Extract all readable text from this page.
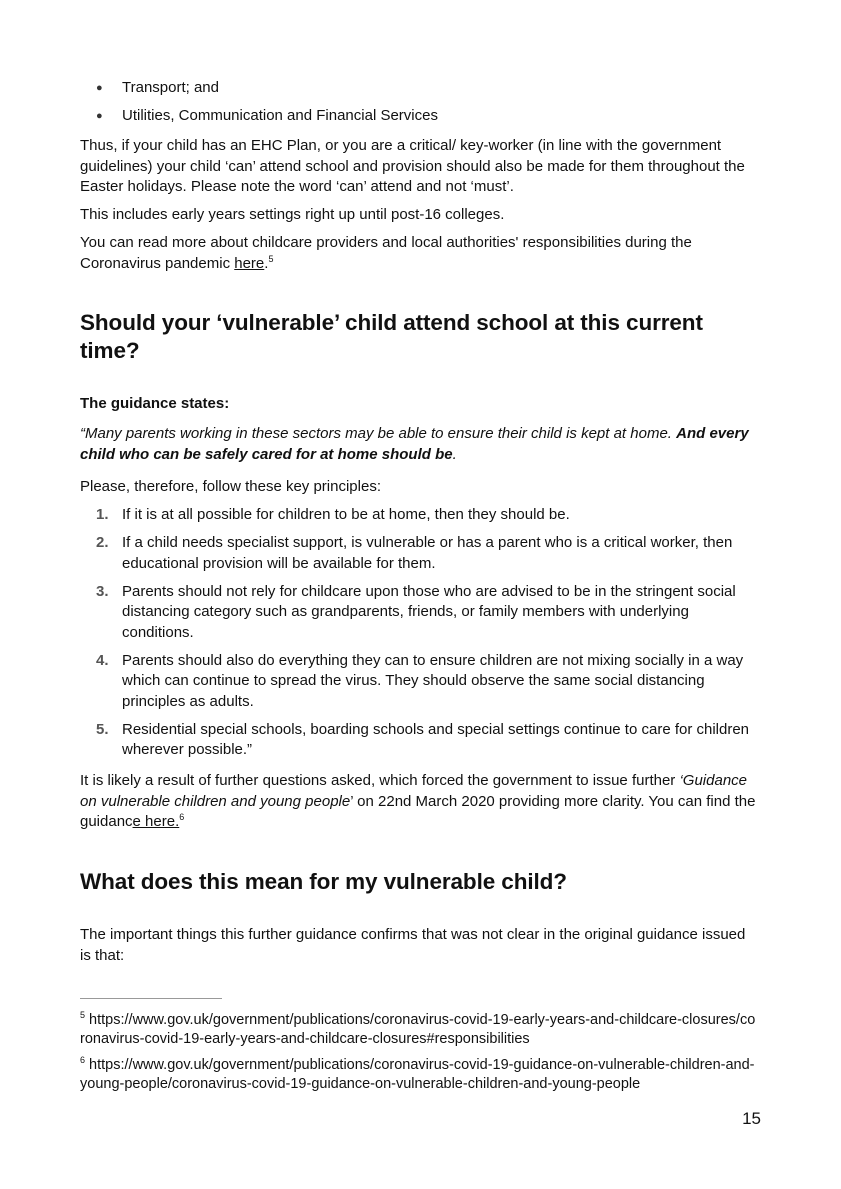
● Transport; and
● Utilities, Communication and Financial Services

Thus, if your child has an EHC Plan, or you are a critical/ key-worker (in line with the government guidelines) your child ‘can’ attend school and provision should also be made for them throughout the Easter holidays. Please note the word ‘can’ attend and not ‘must’.

This includes early years settings right up until post-16 colleges.

You can read more about childcare providers and local authorities' responsibilities during the Coronavirus pandemic here.$^5$

Should your ‘vulnerable’ child attend school at this current time?

The guidance states:

“Many parents working in these sectors may be able to ensure their child is kept at home. And every child who can be safely cared for at home should be.

Please, therefore, follow these key principles:

1. If it is at all possible for children to be at home, then they should be.
2. If a child needs specialist support, is vulnerable or has a parent who is a critical worker, then educational provision will be available for them.
3. Parents should not rely for childcare upon those who are advised to be in the stringent social distancing category such as grandparents, friends, or family members with underlying conditions.
4. Parents should also do everything they can to ensure children are not mixing socially in a way which can continue to spread the virus. They should observe the same social distancing principles as adults.
5. Residential special schools, boarding schools and special settings continue to care for children wherever possible.”

It is likely a result of further questions asked, which forced the government to issue further ‘Guidance on vulnerable children and young people’ on 22nd March 2020 providing more clarity. You can find the guidance here.$^6$

What does this mean for my vulnerable child?

The important things this further guidance confirms that was not clear in the original guidance issued is that:

$^5$ https://www.gov.uk/government/publications/coronavirus-covid-19-early-years-and-childcare-closures/coronavirus-covid-19-early-years-and-childcare-closures#responsibilities
$^6$ https://www.gov.uk/government/publications/coronavirus-covid-19-guidance-on-vulnerable-children-and-young-people/coronavirus-covid-19-guidance-on-vulnerable-children-and-young-people
15
